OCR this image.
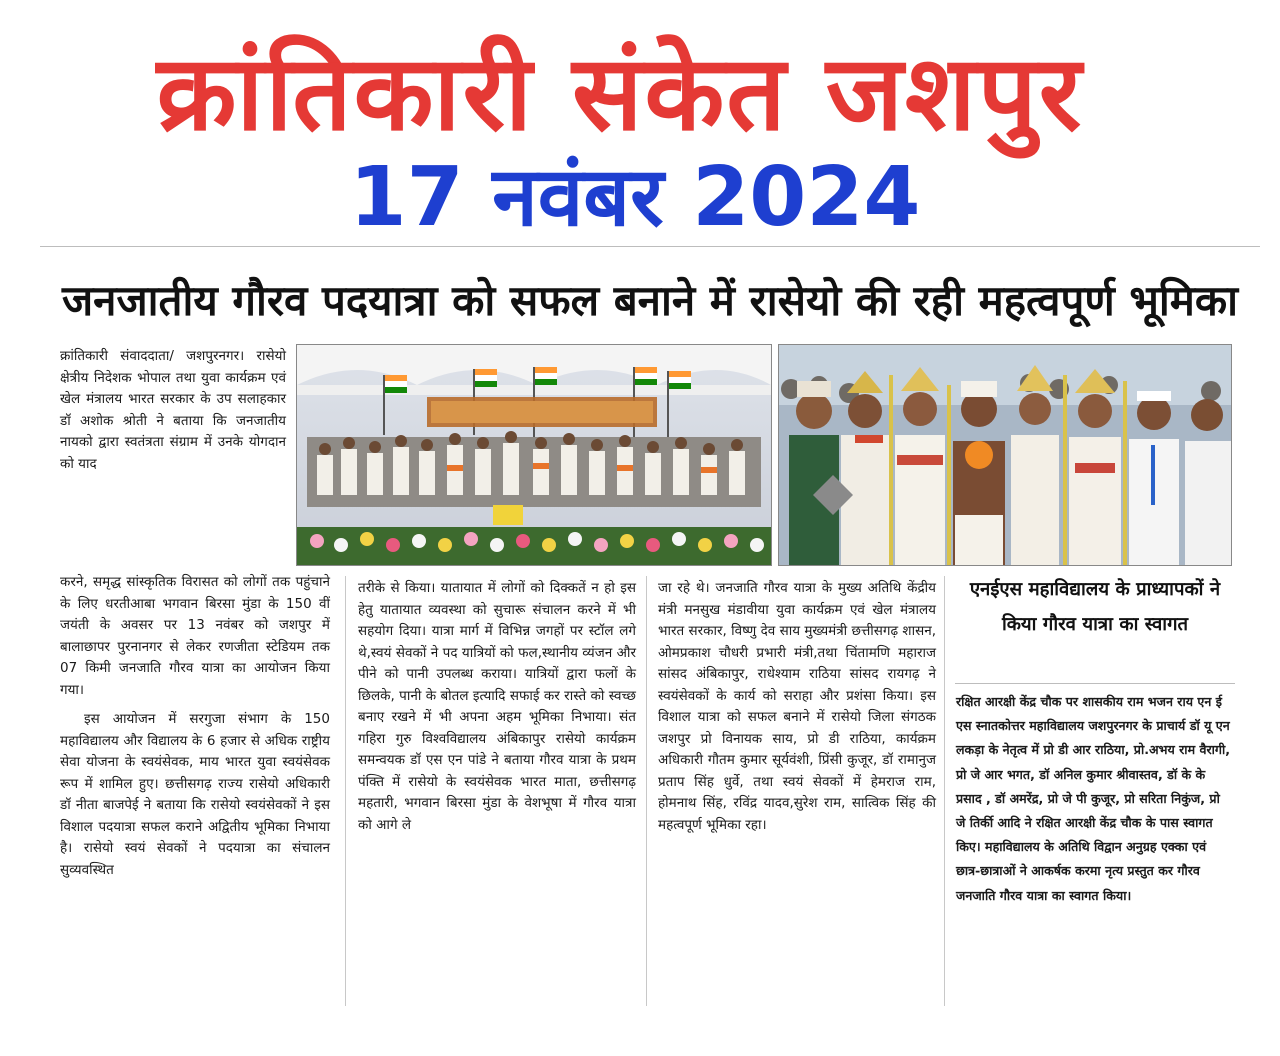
क्रांतिकारी संकेत जशपुर
17 नवंबर 2024
जनजातीय गौरव पदयात्रा को सफल बनाने में रासेयो की रही महत्वपूर्ण भूमिका

क्रांतिकारी संवाददाता/ जशपुरनगर। रासेयो क्षेत्रीय निदेशक भोपाल तथा युवा कार्यक्रम एवं खेल मंत्रालय भारत सरकार के उप सलाहकार डॉ अशोक श्रोती ने बताया कि जनजातीय नायको द्वारा स्वतंत्रता संग्राम में उनके योगदान को याद

करने, समृद्ध सांस्कृतिक विरासत को लोगों तक पहुंचाने के लिए धरतीआबा भगवान बिरसा मुंडा के 150 वीं जयंती के अवसर पर 13 नवंबर को जशपुर में बालाछापर पुरनानगर से लेकर रणजीता स्टेडियम तक 07 किमी जनजाति गौरव यात्रा का आयोजन किया गया।

इस आयोजन में सरगुजा संभाग के 150 महाविद्यालय और विद्यालय के 6 हजार से अधिक राष्ट्रीय सेवा योजना के स्वयंसेवक, माय भारत युवा स्वयंसेवक रूप में शामिल हुए। छत्तीसगढ़ राज्य रासेयो अधिकारी डॉ नीता बाजपेई ने बताया कि रासेयो स्वयंसेवकों ने इस विशाल पदयात्रा सफल कराने अद्वितीय भूमिका निभाया है। रासेयो स्वयं सेवकों ने पदयात्रा का संचालन सुव्यवस्थित

तरीके से किया। यातायात में लोगों को दिक्कतें न हो इस हेतु यातायात व्यवस्था को सुचारू संचालन करने में भी सहयोग दिया। यात्रा मार्ग में विभिन्न जगहों पर स्टॉल लगे थे,स्वयं सेवकों ने पद यात्रियों को फल,स्थानीय व्यंजन और पीने को पानी उपलब्ध कराया। यात्रियों द्वारा फलों के छिलके, पानी के बोतल इत्यादि सफाई कर रास्ते को स्वच्छ बनाए रखने में भी अपना अहम भूमिका निभाया। संत गहिरा गुरु विश्वविद्यालय अंबिकापुर रासेयो कार्यक्रम समन्वयक डॉ एस एन पांडे ने बताया गौरव यात्रा के प्रथम पंक्ति में रासेयो के स्वयंसेवक भारत माता, छत्तीसगढ़ महतारी, भगवान बिरसा मुंडा के वेशभूषा में गौरव यात्रा को आगे ले

जा रहे थे। जनजाति गौरव यात्रा के मुख्य अतिथि केंद्रीय मंत्री मनसुख मंडावीया युवा कार्यक्रम एवं खेल मंत्रालय भारत सरकार, विष्णु देव साय मुख्यमंत्री छत्तीसगढ़ शासन, ओमप्रकाश चौधरी प्रभारी मंत्री,तथा चिंतामणि महाराज सांसद अंबिकापुर, राधेश्याम राठिया सांसद रायगढ़ ने स्वयंसेवकों के कार्य को सराहा और प्रशंसा किया। इस विशाल यात्रा को सफल बनाने में रासेयो जिला संगठक जशपुर प्रो विनायक साय, प्रो डी राठिया, कार्यक्रम अधिकारी गौतम कुमार सूर्यवंशी, प्रिंसी कुजूर, डॉ रामानुज प्रताप सिंह धुर्वे, तथा स्वयं सेवकों में हेमराज राम, होमनाथ सिंह, रविंद्र यादव,सुरेश राम, सात्विक सिंह की महत्वपूर्ण भूमिका रहा।

एनईएस महाविद्यालय के प्राध्यापकों ने किया गौरव यात्रा का स्वागत
रक्षित आरक्षी केंद्र चौक पर शासकीय राम भजन राय एन ई एस स्नातकोत्तर महाविद्यालय जशपुरनगर के प्राचार्य डॉ यू एन लकड़ा के नेतृत्व में प्रो डी आर राठिया, प्रो.अभय राम वैरागी, प्रो जे आर भगत, डॉ अनिल कुमार श्रीवास्तव, डॉ के के प्रसाद , डॉ अमरेंद्र, प्रो जे पी कुजूर, प्रो सरिता निकुंज, प्रो जे तिर्की आदि ने रक्षित आरक्षी केंद्र चौक के पास स्वागत किए। महाविद्यालय के अतिथि विद्वान अनुग्रह एक्का एवं छात्र-छात्राओं ने आकर्षक करमा नृत्य प्रस्तुत कर गौरव जनजाति गौरव यात्रा का स्वागत किया।
